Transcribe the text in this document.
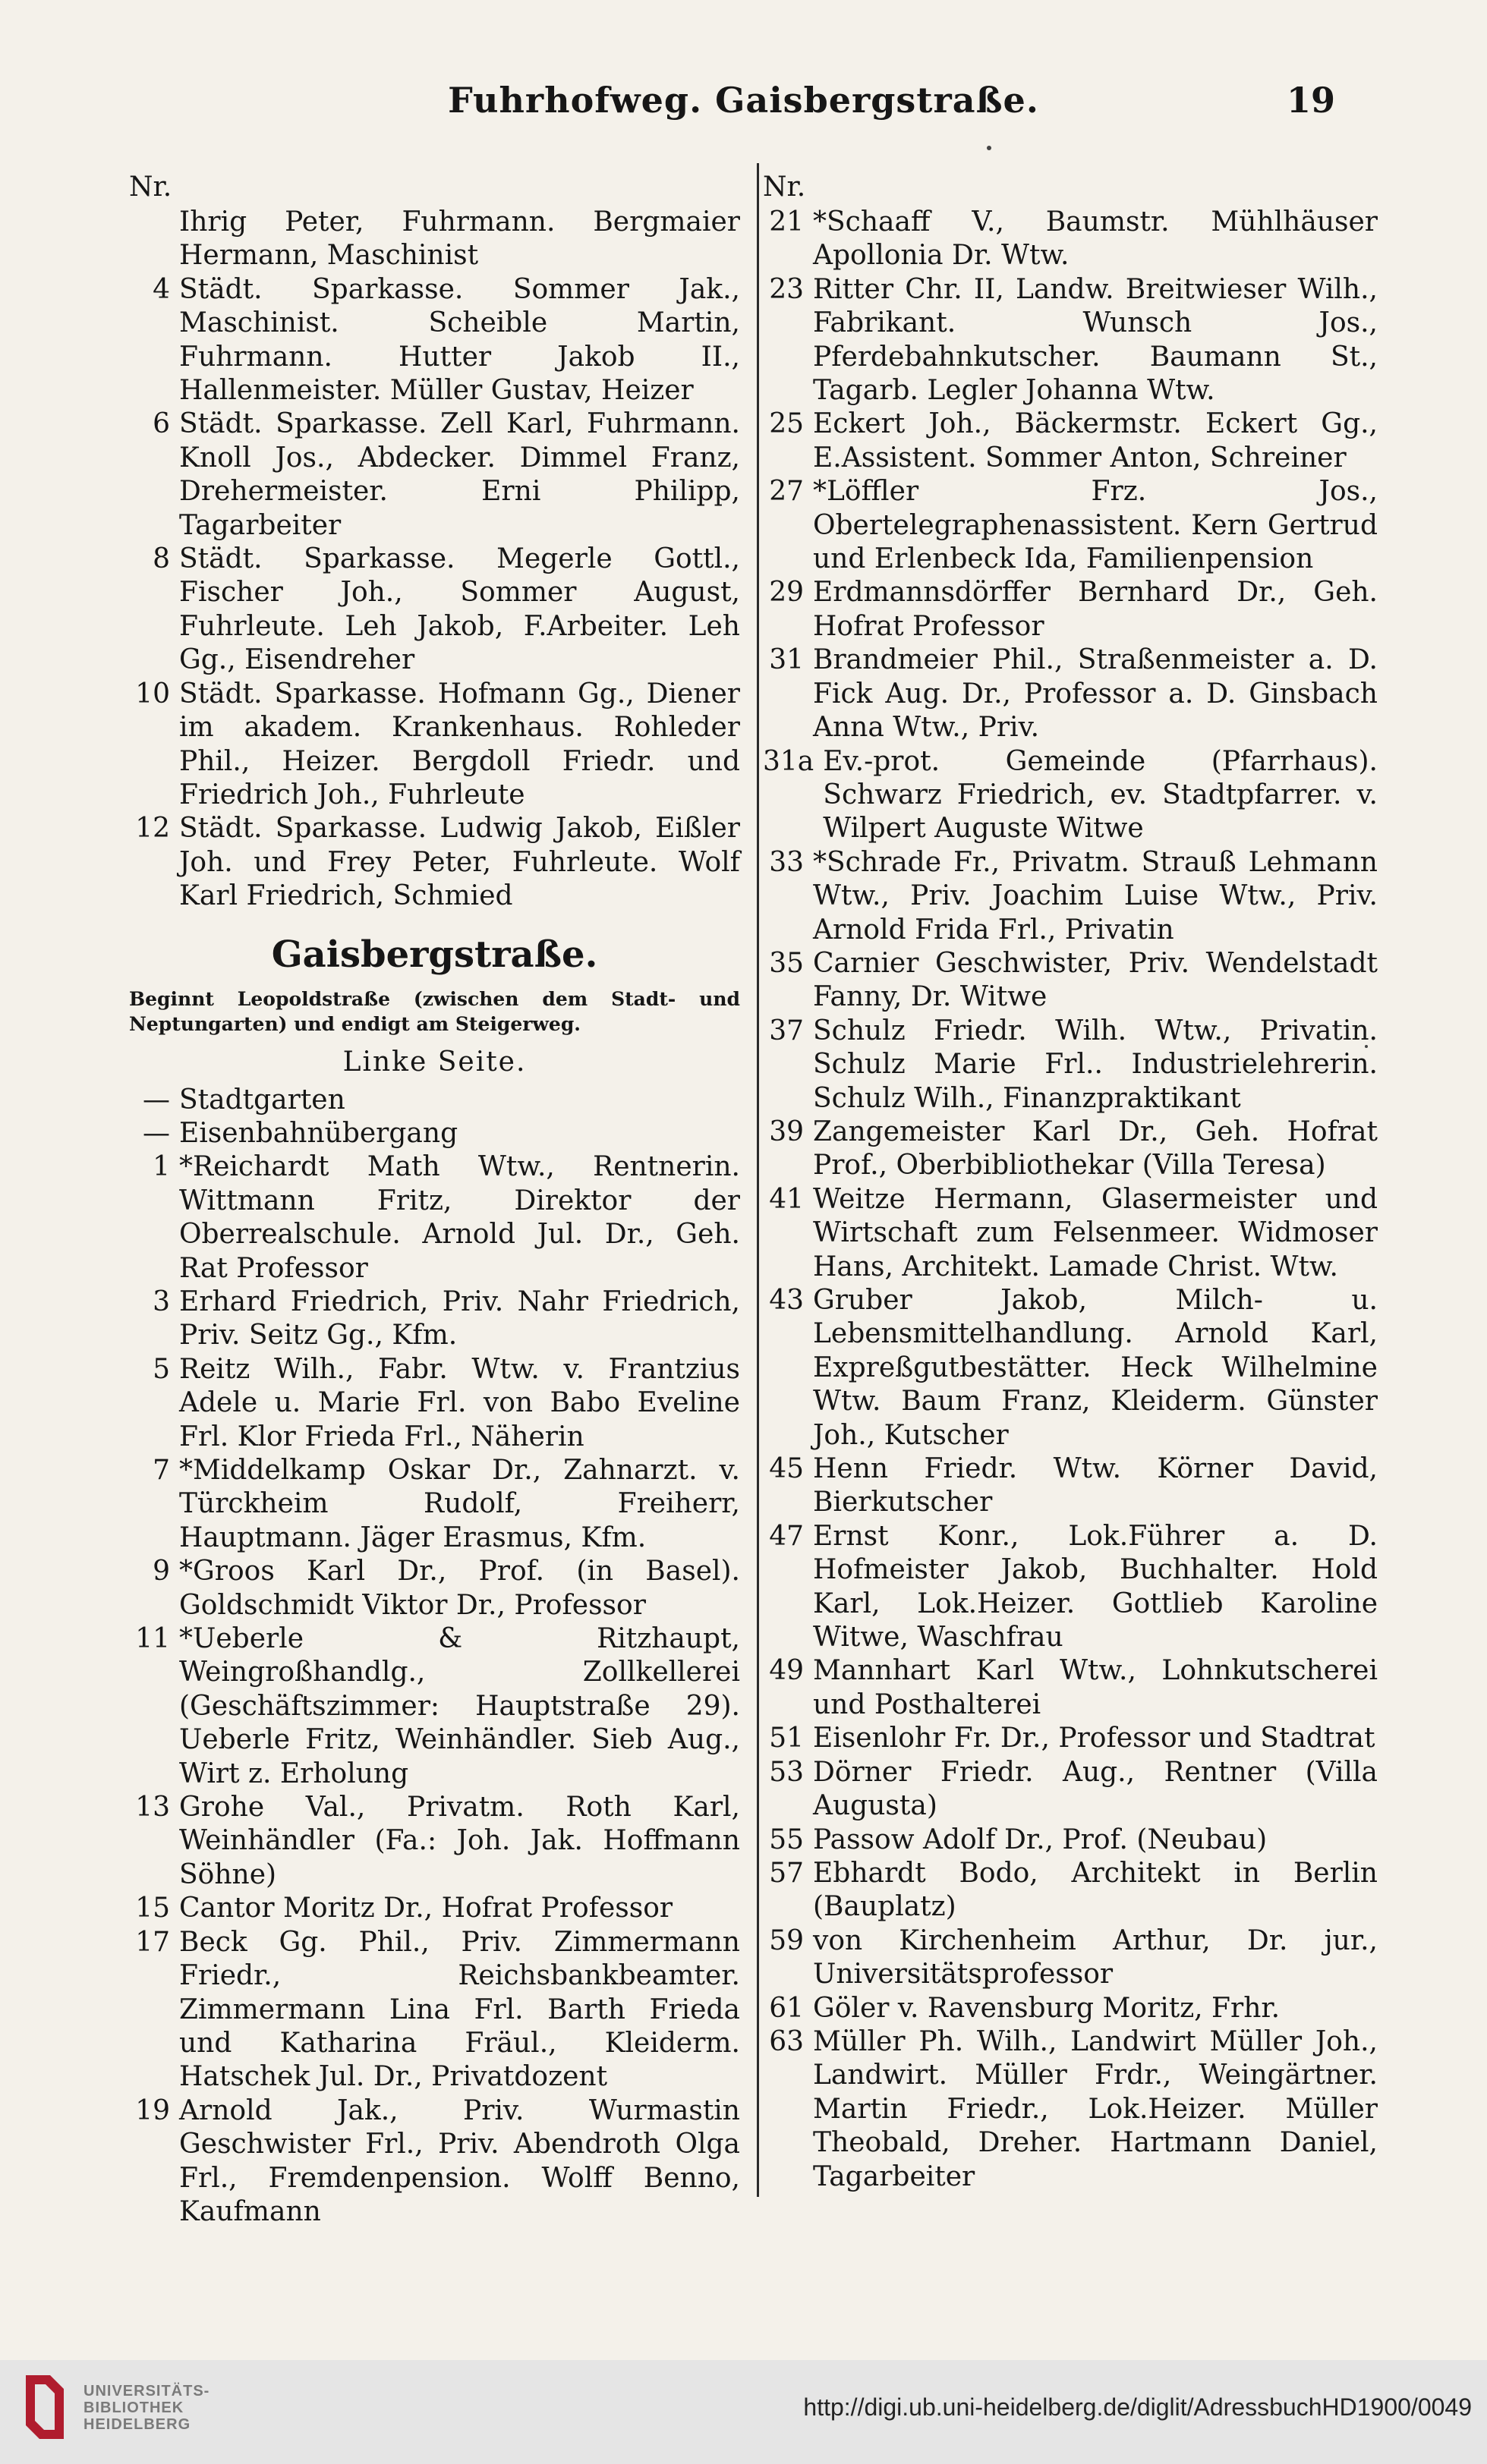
Fuhrhofweg. Gaisbergstraße.	19
Nr.
Ihrig Peter, Fuhrmann. Bergmaier Hermann, Maschinist
4 Städt. Sparkasse. Sommer Jak., Maschinist. Scheible Martin, Fuhrmann. Hutter Jakob II., Hallenmeister. Müller Gustav, Heizer
6 Städt. Sparkasse. Zell Karl, Fuhrmann. Knoll Jos., Abdecker. Dimmel Franz, Drehermeister. Erni Philipp, Tagarbeiter
8 Städt. Sparkasse. Megerle Gottl., Fischer Joh., Sommer August, Fuhrleute. Leh Jakob, F.Arbeiter. Leh Gg., Eisendreher
10 Städt. Sparkasse. Hofmann Gg., Diener im akadem. Krankenhaus. Rohleder Phil., Heizer. Bergdoll Friedr. und Friedrich Joh., Fuhrleute
12 Städt. Sparkasse. Ludwig Jakob, Eißler Joh. und Frey Peter, Fuhrleute. Wolf Karl Friedrich, Schmied
Gaisbergstraße.
Beginnt Leopoldstraße (zwischen dem Stadt- und Neptungarten) und endigt am Steigerweg.
Linke Seite.
— Stadtgarten
— Eisenbahnübergang
1 *Reichardt Math Wtw., Rentnerin. Wittmann Fritz, Direktor der Oberrealschule. Arnold Jul. Dr., Geh. Rat Professor
3 Erhard Friedrich, Priv. Nahr Friedrich, Priv. Seitz Gg., Kfm.
5 Reitz Wilh., Fabr. Wtw. v. Frantzius Adele u. Marie Frl. von Babo Eveline Frl. Klor Frieda Frl., Näherin
7 *Middelkamp Oskar Dr., Zahnarzt. v. Türckheim Rudolf, Freiherr, Hauptmann. Jäger Erasmus, Kfm.
9 *Groos Karl Dr., Prof. (in Basel). Goldschmidt Viktor Dr., Professor
11 *Ueberle & Ritzhaupt, Weingroßhandlg., Zollkellerei (Geschäftszimmer: Hauptstraße 29). Ueberle Fritz, Weinhändler. Sieb Aug., Wirt z. Erholung
13 Grohe Val., Privatm. Roth Karl, Weinhändler (Fa.: Joh. Jak. Hoffmann Söhne)
15 Cantor Moritz Dr., Hofrat Professor
17 Beck Gg. Phil., Priv. Zimmermann Friedr., Reichsbankbeamter. Zimmermann Lina Frl. Barth Frieda und Katharina Fräul., Kleiderm. Hatschek Jul. Dr., Privatdozent
19 Arnold Jak., Priv. Wurmastin Geschwister Frl., Priv. Abendroth Olga Frl., Fremdenpension. Wolff Benno, Kaufmann
Nr.
21 *Schaaff V., Baumstr. Mühlhäuser Apollonia Dr. Wtw.
23 Ritter Chr. II, Landw. Breitwieser Wilh., Fabrikant. Wunsch Jos., Pferdebahnkutscher. Baumann St., Tagarb. Legler Johanna Wtw.
25 Eckert Joh., Bäckermstr. Eckert Gg., E.Assistent. Sommer Anton, Schreiner
27 *Löffler Frz. Jos., Obertelegraphenassistent. Kern Gertrud und Erlenbeck Ida, Familienpension
29 Erdmannsdörffer Bernhard Dr., Geh. Hofrat Professor
31 Brandmeier Phil., Straßenmeister a. D. Fick Aug. Dr., Professor a. D. Ginsbach Anna Wtw., Priv.
31a Ev.-prot. Gemeinde (Pfarrhaus). Schwarz Friedrich, ev. Stadtpfarrer. v. Wilpert Auguste Witwe
33 *Schrade Fr., Privatm. Strauß Lehmann Wtw., Priv. Joachim Luise Wtw., Priv. Arnold Frida Frl., Privatin
35 Carnier Geschwister, Priv. Wendelstadt Fanny, Dr. Witwe
37 Schulz Friedr. Wilh. Wtw., Privatin. Schulz Marie Frl.. Industrielehrerin. Schulz Wilh., Finanzpraktikant
39 Zangemeister Karl Dr., Geh. Hofrat Prof., Oberbibliothekar (Villa Teresa)
41 Weitze Hermann, Glasermeister und Wirtschaft zum Felsenmeer. Widmoser Hans, Architekt. Lamade Christ. Wtw.
43 Gruber Jakob, Milch- u. Lebensmittelhandlung. Arnold Karl, Expreßgutbestätter. Heck Wilhelmine Wtw. Baum Franz, Kleiderm. Günster Joh., Kutscher
45 Henn Friedr. Wtw. Körner David, Bierkutscher
47 Ernst Konr., Lok.Führer a. D. Hofmeister Jakob, Buchhalter. Hold Karl, Lok.Heizer. Gottlieb Karoline Witwe, Waschfrau
49 Mannhart Karl Wtw., Lohnkutscherei und Posthalterei
51 Eisenlohr Fr. Dr., Professor und Stadtrat
53 Dörner Friedr. Aug., Rentner (Villa Augusta)
55 Passow Adolf Dr., Prof. (Neubau)
57 Ebhardt Bodo, Architekt in Berlin (Bauplatz)
59 von Kirchenheim Arthur, Dr. jur., Universitätsprofessor
61 Göler v. Ravensburg Moritz, Frhr.
63 Müller Ph. Wilh., Landwirt Müller Joh., Landwirt. Müller Frdr., Weingärtner. Martin Friedr., Lok.Heizer. Müller Theobald, Dreher. Hartmann Daniel, Tagarbeiter
UNIVERSITÄTS-
BIBLIOTHEK
HEIDELBERG
http://digi.ub.uni-heidelberg.de/diglit/AdressbuchHD1900/0049
